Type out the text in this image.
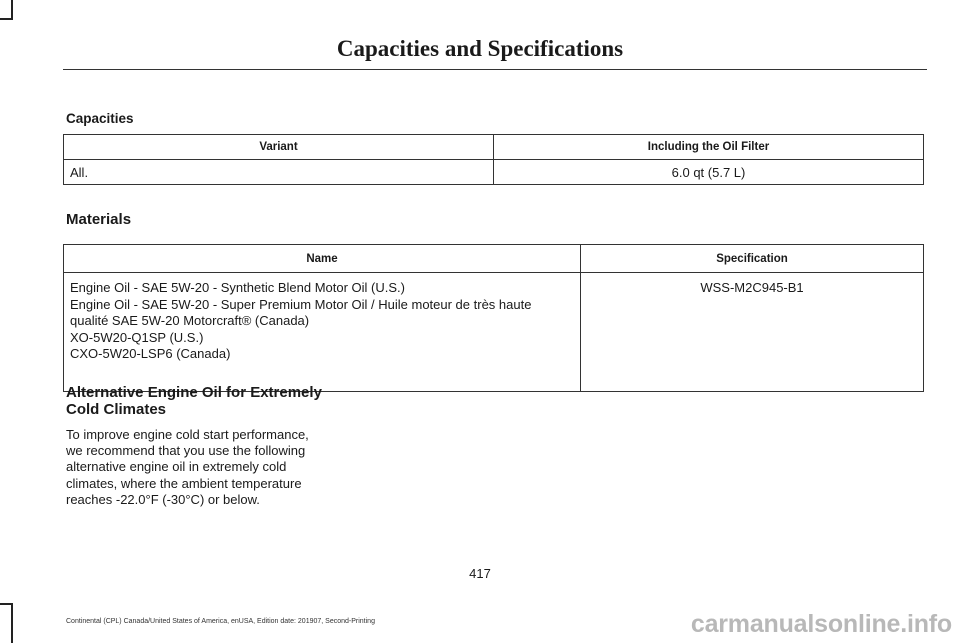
Capacities and Specifications
Capacities
Variant	Including the Oil Filter
All.	6.0 qt (5.7 L)
Materials
Name	Specification

Engine Oil - SAE 5W-20 - Synthetic Blend Motor Oil (U.S.)
Engine Oil - SAE 5W-20 - Super Premium Motor Oil / Huile moteur de très haute
qualité SAE 5W-20 Motorcraft® (Canada)
XO-5W20-Q1SP (U.S.)
CXO-5W20-LSP6 (Canada)	WSS-M2C945-B1
Alternative Engine Oil for Extremely
Cold Climates
To improve engine cold start performance,
we recommend that you use the following
alternative engine oil in extremely cold
climates, where the ambient temperature
reaches -22.0°F (-30°C) or below.
417
Continental (CPL) Canada/United States of America, enUSA, Edition date: 201907, Second-Printing	carmanualsonline.info
